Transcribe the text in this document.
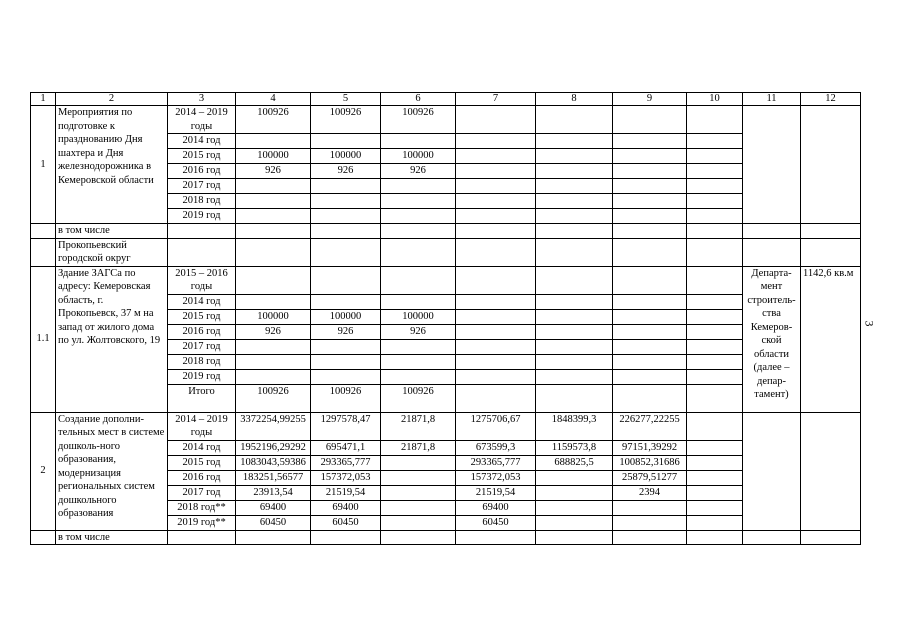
1	2	3	4	5	6	7	8	9	10	11	12
1	Мероприятия по подготовке к празднованию Дня шахтера и Дня железнодорожника в Кемеровской области	2014 – 2019 годы	100926	100926	100926						
		2014 год									
		2015 год	100000	100000	100000						
		2016 год	926	926	926						
		2017 год									
		2018 год									
		2019 год									
	в том числе										
	Прокопьевский городской округ										
1.1	Здание ЗАГСа по адресу: Кемеровская область, г. Прокопьевск, 37 м на запад от жилого дома по ул. Жолтовского, 19	2015 – 2016 годы								Департа-мент строитель-ства Кемеров-ской области (далее – депар-тамент)	1142,6 кв.м
		2014 год									
		2015 год	100000	100000	100000						
		2016 год	926	926	926						
		2017 год									
		2018 год									
		2019 год									
		Итого	100926	100926	100926						
2	Создание дополни-тельных мест в системе дошколь-ного образования, модернизация региональных систем дошкольного образования	2014 – 2019 годы	3372254,99255	1297578,47	21871,8	1275706,67	1848399,3	226277,22255			
		2014 год	1952196,29292	695471,1	21871,8	673599,3	1159573,8	97151,39292			
		2015 год	1083043,59386	293365,777		293365,777	688825,5	100852,31686			
		2016 год	183251,56577	157372,053		157372,053		25879,51277			
		2017 год	23913,54	21519,54		21519,54		2394			
		2018 год**	69400	69400		69400					
		2019 год**	60450	60450		60450					
	в том числе										
3
